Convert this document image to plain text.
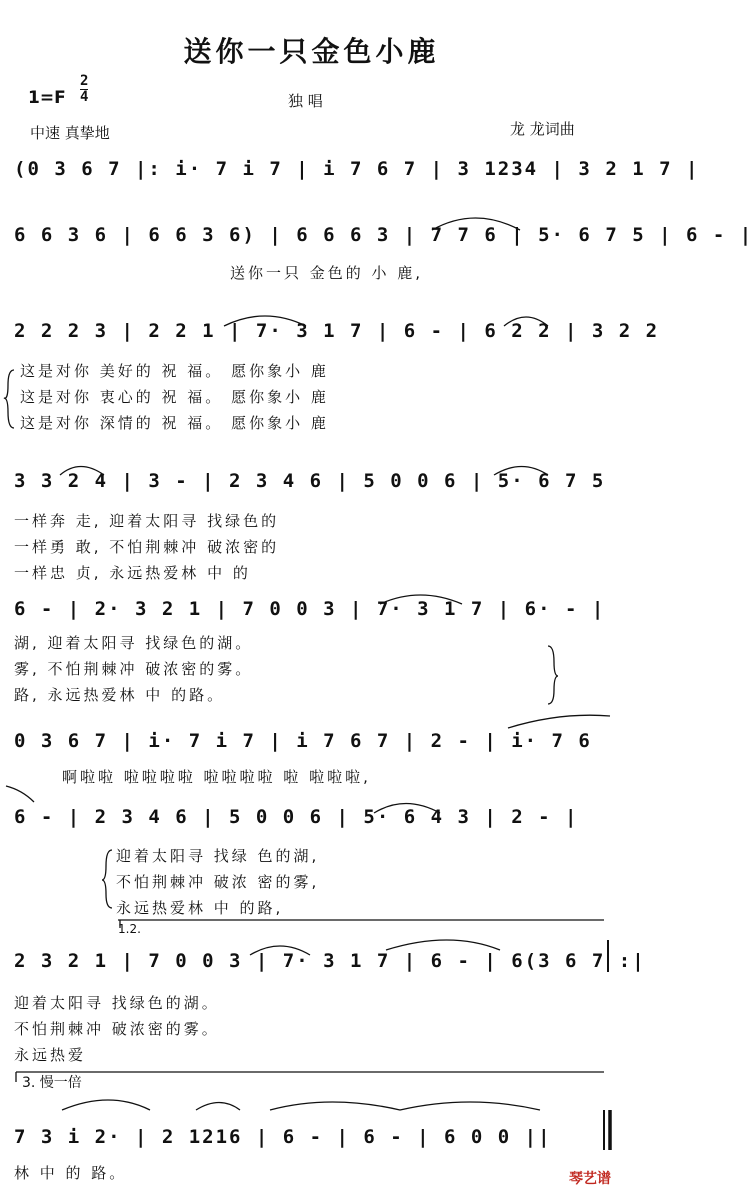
送你一只金色小鹿
$1=F \frac{2}{4}$	独 唱
中速 真挚地	龙 龙词曲
(0 3 6 7 |: i· 7 i 7 | i 7 6 7 | 3 1234 | 3 2 1 7 |
6 6 3 6 | 6 6 3 6) | 6 6 6 3 | 7 7 6 | 5· 6 7 5 | 6 - |
送你一只 金色的 小 鹿,
2 2 2 3 | 2 2 1 | 7· 3 1 7 | 6 - | 6 2 2 | 3 2 2
这是对你 美好的 祝 福。 愿你象小 鹿
这是对你 衷心的 祝 福。 愿你象小 鹿
这是对你 深情的 祝 福。 愿你象小 鹿
3 3 2 4 | 3 - | 2 3 4 6 | 5 0 0 6 | 5· 6 7 5
一样奔 走, 迎着太阳寻 找绿色的
一样勇 敢, 不怕荆棘冲 破浓密的
一样忠 贞, 永远热爱林 中 的
6 - | 2· 3 2 1 | 7 0 0 3 | 7· 3 1 7 | 6· - |
湖, 迎着太阳寻 找绿色的湖。
雾, 不怕荆棘冲 破浓密的雾。
路, 永远热爱林 中 的路。
0 3 6 7 | i· 7 i 7 | i 7 6 7 | 2 - | i· 7 6
啊啦啦 啦啦啦啦 啦啦啦啦 啦 啦啦啦,
6 - | 2 3 4 6 | 5 0 0 6 | 5· 6 4 3 | 2 - |
迎着太阳寻 找绿 色的湖,
不怕荆棘冲 破浓 密的雾,
永远热爱林 中 的路,
1.2.
2 3 2 1 | 7 0 0 3 | 7· 3 1 7 | 6 - | 6(3 6 7 :|
迎着太阳寻 找绿色的湖。
不怕荆棘冲 破浓密的雾。
永远热爱
3. 慢一倍
7 3 i 2· | 2 1216 | 6 - | 6 - | 6 0 0 ||
林 中 的 路。	琴艺谱
